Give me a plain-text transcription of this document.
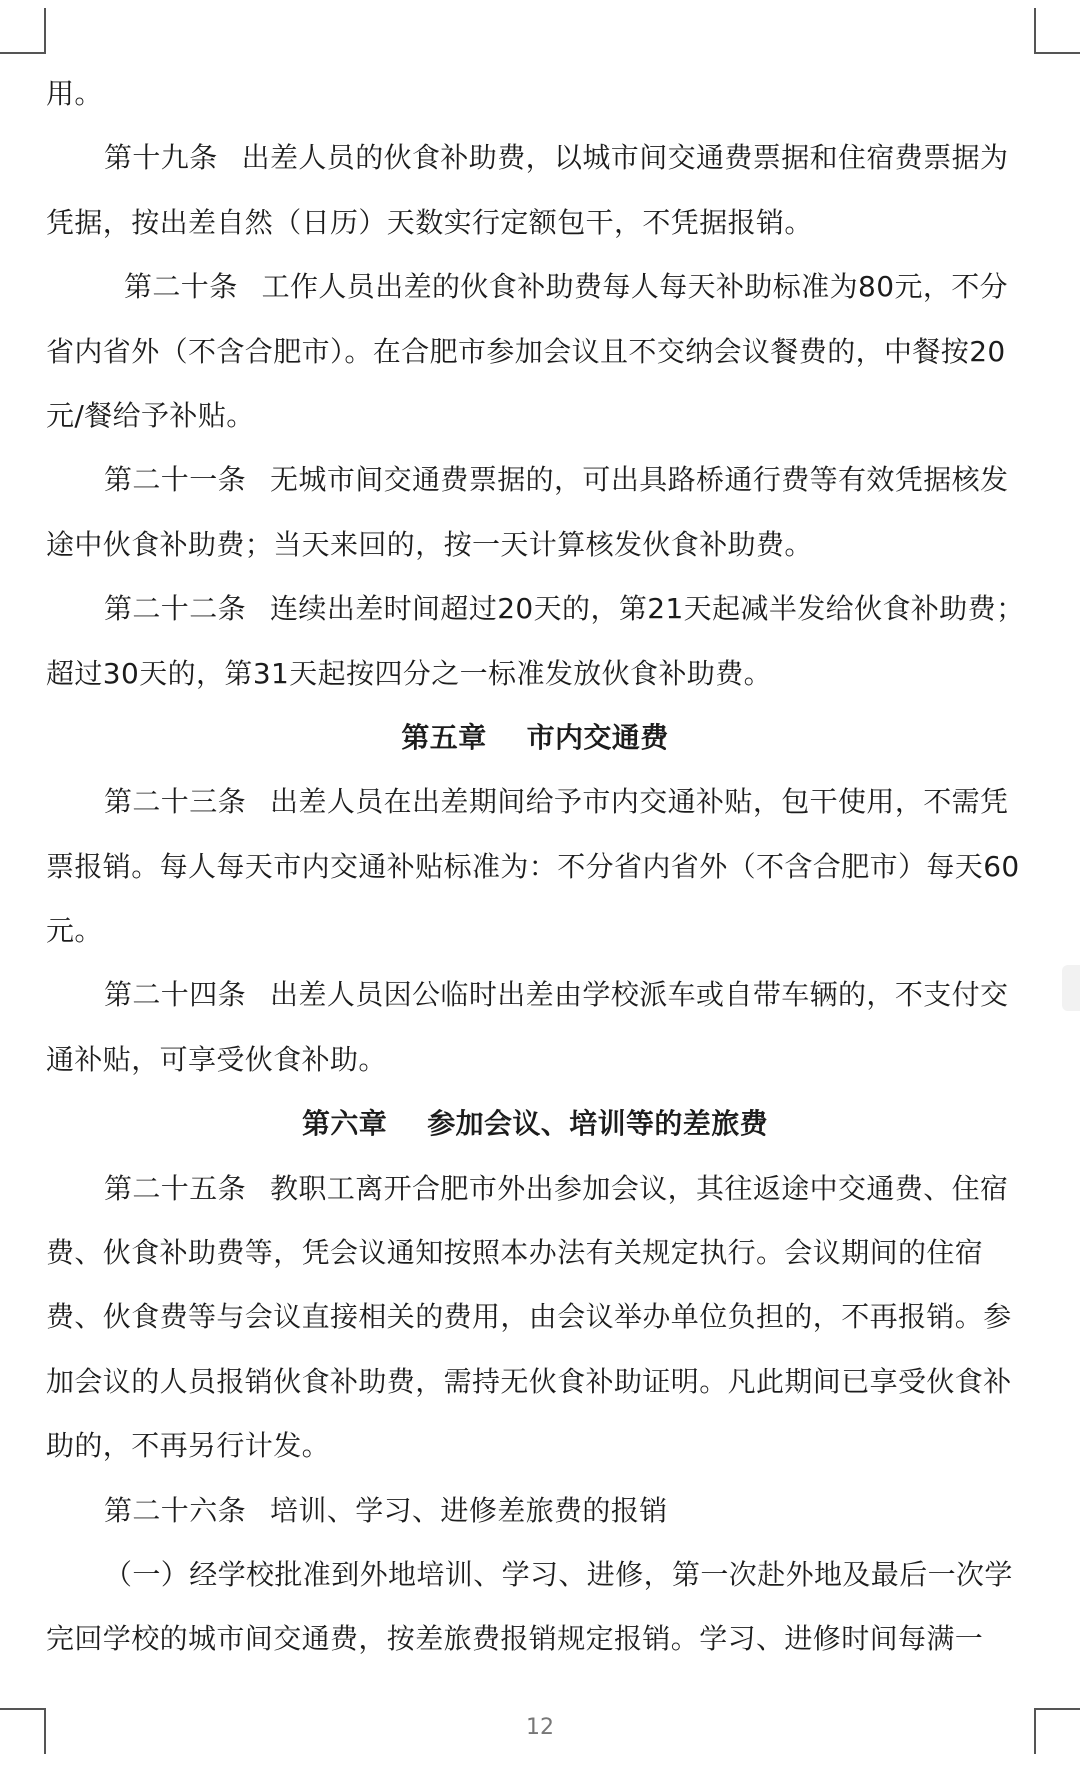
用。
第十九条 出差人员的伙食补助费，以城市间交通费票据和住宿费票据为
凭据，按出差自然（日历）天数实行定额包干，不凭据报销。
第二十条 工作人员出差的伙食补助费每人每天补助标准为80元，不分
省内省外（不含合肥市）。在合肥市参加会议且不交纳会议餐费的，中餐按20
元/餐给予补贴。
第二十一条 无城市间交通费票据的，可出具路桥通行费等有效凭据核发
途中伙食补助费；当天来回的，按一天计算核发伙食补助费。
第二十二条 连续出差时间超过20天的，第21天起减半发给伙食补助费；
超过30天的，第31天起按四分之一标准发放伙食补助费。
第五章 市内交通费
第二十三条 出差人员在出差期间给予市内交通补贴，包干使用，不需凭
票报销。每人每天市内交通补贴标准为：不分省内省外（不含合肥市）每天60
元。
第二十四条 出差人员因公临时出差由学校派车或自带车辆的，不支付交
通补贴，可享受伙食补助。
第六章 参加会议、培训等的差旅费
第二十五条 教职工离开合肥市外出参加会议，其往返途中交通费、住宿
费、伙食补助费等，凭会议通知按照本办法有关规定执行。会议期间的住宿
费、伙食费等与会议直接相关的费用，由会议举办单位负担的，不再报销。参
加会议的人员报销伙食补助费，需持无伙食补助证明。凡此期间已享受伙食补
助的，不再另行计发。
第二十六条 培训、学习、进修差旅费的报销
（一）经学校批准到外地培训、学习、进修，第一次赴外地及最后一次学
完回学校的城市间交通费，按差旅费报销规定报销。学习、进修时间每满一
12
